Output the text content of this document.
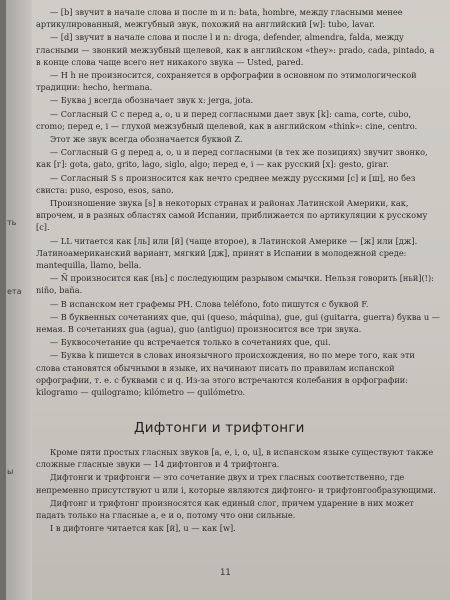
ть
ета
ы

— [b] звучит в начале слова и после m и n: bata, hombre, между гласными менее артикулированный, межгубный звук, похожий на английский [w]: tubo, lavar.

— [d] звучит в начале слова и после l и n: droga, defender, almendra, falda, между гласными — звонкий межзубный щелевой, как в английском «they»: prado, cada, pintado, а в конце слова чаще всего нет никакого звука — Usted, pared.

— H h не произносится, сохраняется в орфографии в основном по этимологической традиции: hecho, hermana.

— Буква j всегда обозначает звук x: jerga, jota.

— Согласный C c перед a, o, u и перед согласными дает звук [k]: cama, corte, cubo, cromo; перед e, i — глухой межзубный щелевой, как в английском «think»: cine, centro.

Этот же звук всегда обозначается буквой Z.

— Согласный G g перед a, o, u и перед согласными (в тех же позициях) звучит звонко, как [г]: gota, gato, grito, lago, siglo, algo; перед e, i — как русский [х]: gesto, girar.

— Согласный S s произносится как нечто среднее между русскими [с] и [ш], но без свиста: puso, esposo, esos, sano.

Произношение звука [s] в некоторых странах и районах Латинской Америки, как, впрочем, и в разных областях самой Испании, приближается по артикуляции к русскому [с].

— LL читается как [ль] или [й] (чаще второе), в Латинской Америке — [ж] или [дж]. Латиноамериканский вариант, мягкий [дж], принят в Испании в молодежной среде: mantequilla, llamo, bella.

— Ñ произносится как [нь] с последующим разрывом смычки. Нельзя говорить [ньй](!): niño, baña.

— В испанском нет графемы PH. Слова teléfono, foto пишутся с буквой F.

— В буквенных сочетаниях que, qui (queso, máquina), gue, gui (guitarra, guerra) буква u — немая. В сочетаниях gua (agua), guo (antiguo) произносится все три звука.

— Буквосочетание qu встречается только в сочетаниях que, qui.

— Буква k пишется в словах иноязычного происхождения, но по мере того, как эти слова становятся обычными в языке, их начинают писать по правилам испанской орфографии, т. е. с буквами c и q. Из-за этого встречаются колебания в орфографии: kilogramo — quilogramo; kilómetro — quilómetro.

Дифтонги и трифтонги

Кроме пяти простых гласных звуков [a, e, i, o, u], в испанском языке существуют также сложные гласные звуки — 14 дифтонгов и 4 трифтонга.

Дифтонги и трифтонги — это сочетание двух и трех гласных соответственно, где непременно присутствуют u или i, которые являются дифтонго- и трифтонгообразующими.

Дифтонг и трифтонг произносятся как единый слог, причем ударение в них может падать только на гласные a, e и o, потому что они сильные.

I в дифтонге читается как [й], u — как [w].

11
